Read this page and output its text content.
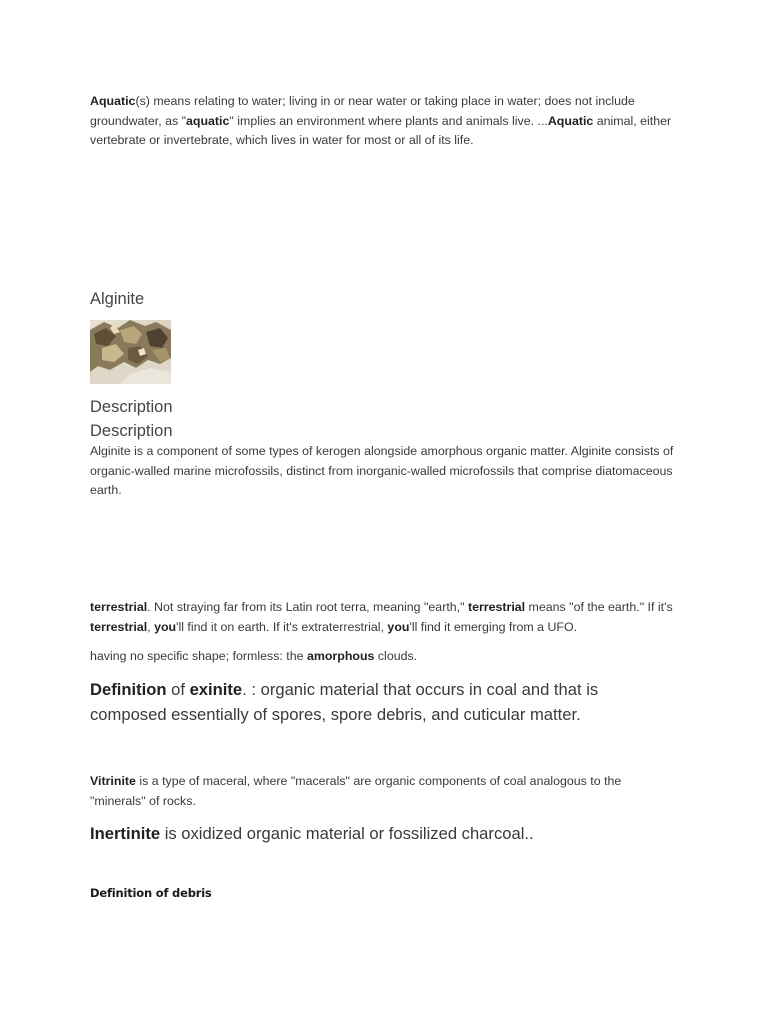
Aquatic(s) means relating to water; living in or near water or taking place in water; does not include groundwater, as "aquatic" implies an environment where plants and animals live. ...Aquatic animal, either vertebrate or invertebrate, which lives in water for most or all of its life.
Alginite
Description
Description
Alginite is a component of some types of kerogen alongside amorphous organic matter. Alginite consists of organic-walled marine microfossils, distinct from inorganic-walled microfossils that comprise diatomaceous earth.
terrestrial. Not straying far from its Latin root terra, meaning "earth," terrestrial means "of the earth." If it's terrestrial, you'll find it on earth. If it's extraterrestrial, you'll find it emerging from a UFO.
having no specific shape; formless: the amorphous clouds.
Definition of exinite. : organic material that occurs in coal and that is composed essentially of spores, spore debris, and cuticular matter.
Vitrinite is a type of maceral, where "macerals" are organic components of coal analogous to the "minerals" of rocks.
Inertinite is oxidized organic material or fossilized charcoal..
Definition of debris
